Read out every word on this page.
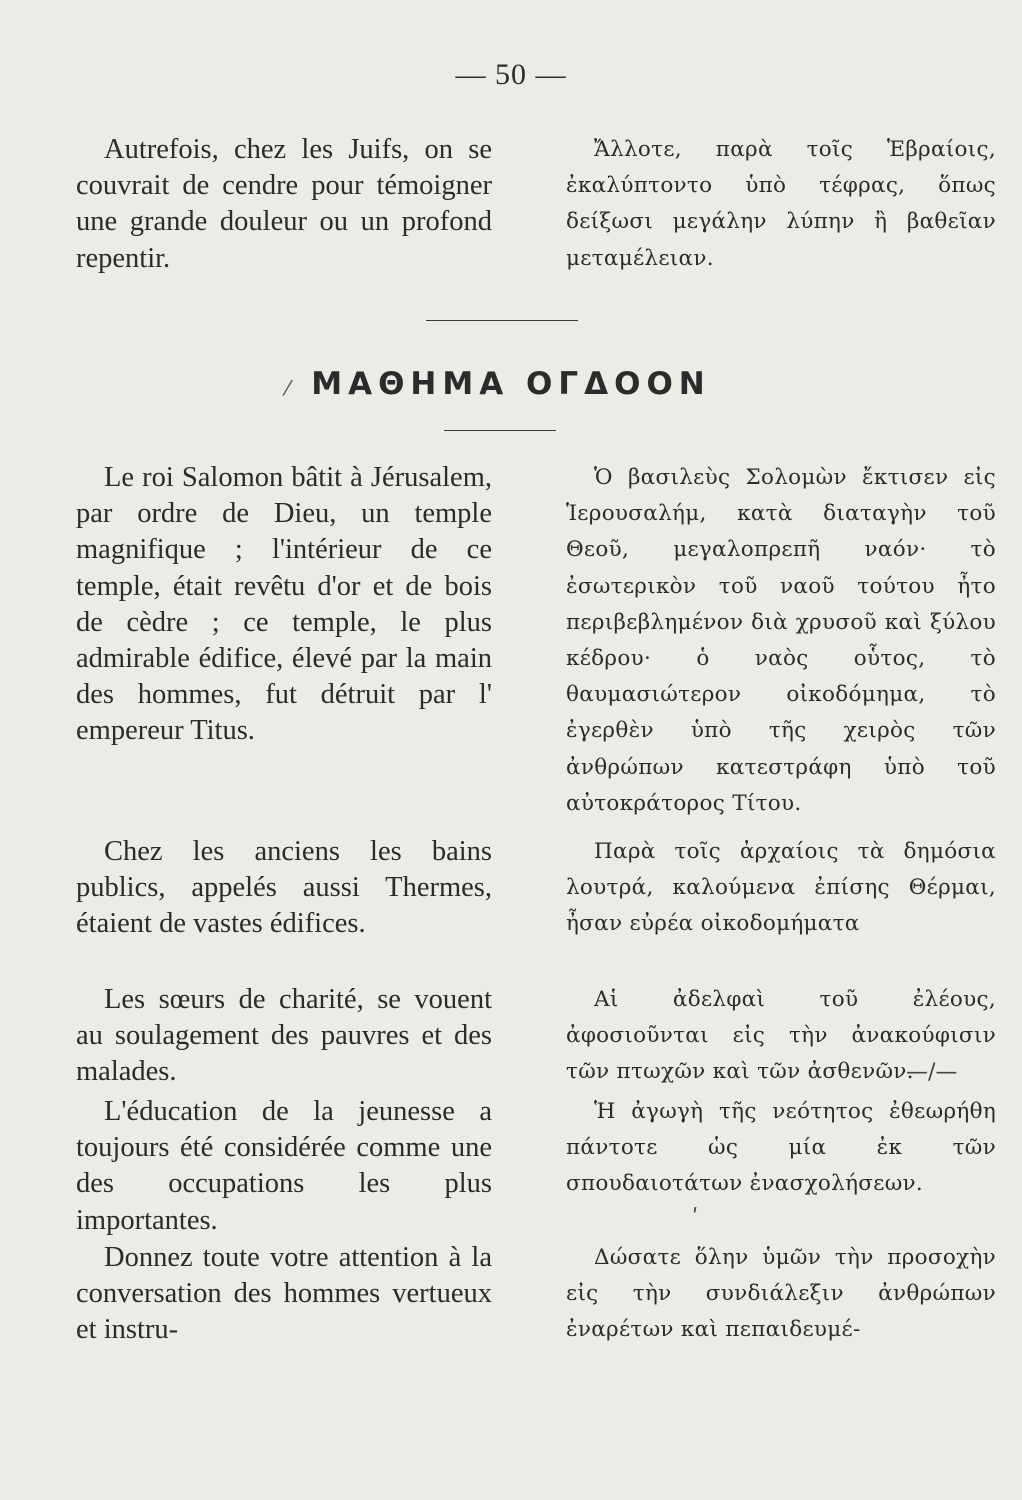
— 50 —

Autrefois, chez les Juifs, on se couvrait de cendre pour témoigner une grande douleur ou un profond repentir.

Ἄλλοτε, παρὰ τοῖς Ἑβραίοις, ἐκαλύπτοντο ὑπὸ τέφρας, ὅπως δείξωσι μεγάλην λύπην ἢ βαθεῖαν μεταμέλειαν.

⁄ ΜΑΘΗΜΑ ΟΓΔΟΟΝ

Le roi Salomon bâtit à Jérusalem, par ordre de Dieu, un temple magnifique ; l'intérieur de ce temple, était revêtu d'or et de bois de cèdre ; ce temple, le plus admirable édifice, élevé par la main des hommes, fut détruit par l' empereur Titus.

Ὁ βασιλεὺς Σολομὼν ἔκτισεν εἰς Ἱερουσαλήμ, κατὰ διαταγὴν τοῦ Θεοῦ, μεγαλοπρεπῆ ναόν· τὸ ἐσωτερικὸν τοῦ ναοῦ τούτου ἦτο περιβεβλημένον διὰ χρυσοῦ καὶ ξύλου κέδρου· ὁ ναὸς οὗτος, τὸ θαυμασιώτερον οἰκοδόμημα, τὸ ἐγερθὲν ὑπὸ τῆς χειρὸς τῶν ἀνθρώπων κατεστράφη ὑπὸ τοῦ αὐτοκράτορος Τίτου.

Chez les anciens les bains publics, appelés aussi Thermes, étaient de vastes édifices.

Παρὰ τοῖς ἀρχαίοις τὰ δημόσια λουτρά, καλούμενα ἐπίσης Θέρμαι, ἦσαν εὐρέα οἰκοδομήματα

Les sœurs de charité, se vouent au soulagement des pauvres et des malades.

Αἱ ἀδελφαὶ τοῦ ἐλέους, ἀφοσιοῦνται εἰς τὴν ἀνακούφισιν τῶν πτωχῶν καὶ τῶν ἀσθενῶν.

—/—

L'éducation de la jeunesse a toujours été considérée comme une des occupations les plus importantes.

Ἡ ἀγωγὴ τῆς νεότητος ἐθεωρήθη πάντοτε ὡς μία ἐκ τῶν σπουδαιοτάτων ἐνασχολήσεων.

ʹ

Donnez toute votre attention à la conversation des hommes vertueux et instru-

Δώσατε ὅλην ὑμῶν τὴν προσοχὴν εἰς τὴν συνδιάλεξιν ἀνθρώπων ἐναρέτων καὶ πεπαιδευμέ-
